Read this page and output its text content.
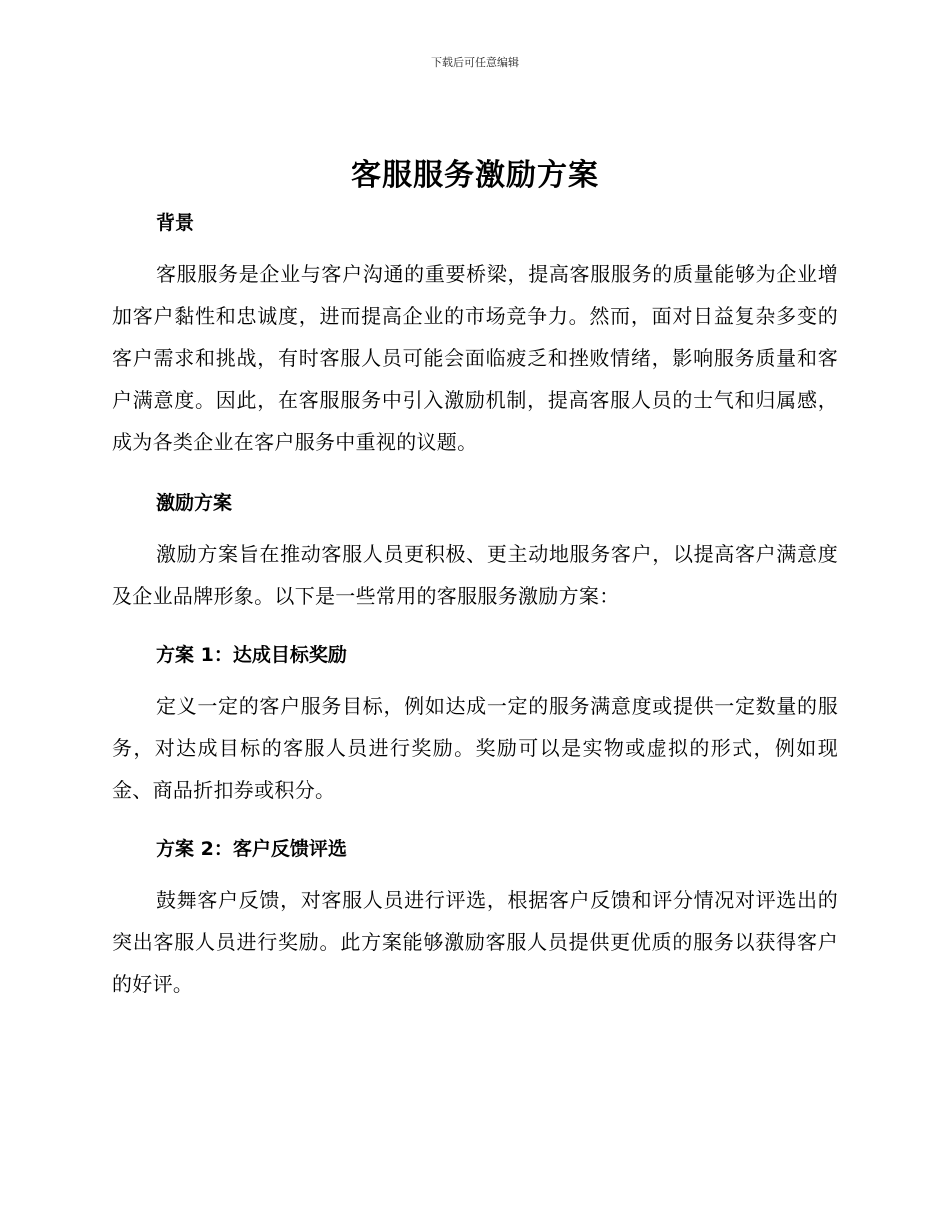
下载后可任意编辑
客服服务激励方案
背景
客服服务是企业与客户沟通的重要桥梁，提高客服服务的质量能够为企业增加客户黏性和忠诚度，进而提高企业的市场竞争力。然而，面对日益复杂多变的客户需求和挑战，有时客服人员可能会面临疲乏和挫败情绪，影响服务质量和客户满意度。因此，在客服服务中引入激励机制，提高客服人员的士气和归属感，成为各类企业在客户服务中重视的议题。
激励方案
激励方案旨在推动客服人员更积极、更主动地服务客户，以提高客户满意度及企业品牌形象。以下是一些常用的客服服务激励方案：
方案 1：达成目标奖励
定义一定的客户服务目标，例如达成一定的服务满意度或提供一定数量的服务，对达成目标的客服人员进行奖励。奖励可以是实物或虚拟的形式，例如现金、商品折扣券或积分。
方案 2：客户反馈评选
鼓舞客户反馈，对客服人员进行评选，根据客户反馈和评分情况对评选出的突出客服人员进行奖励。此方案能够激励客服人员提供更优质的服务以获得客户的好评。
